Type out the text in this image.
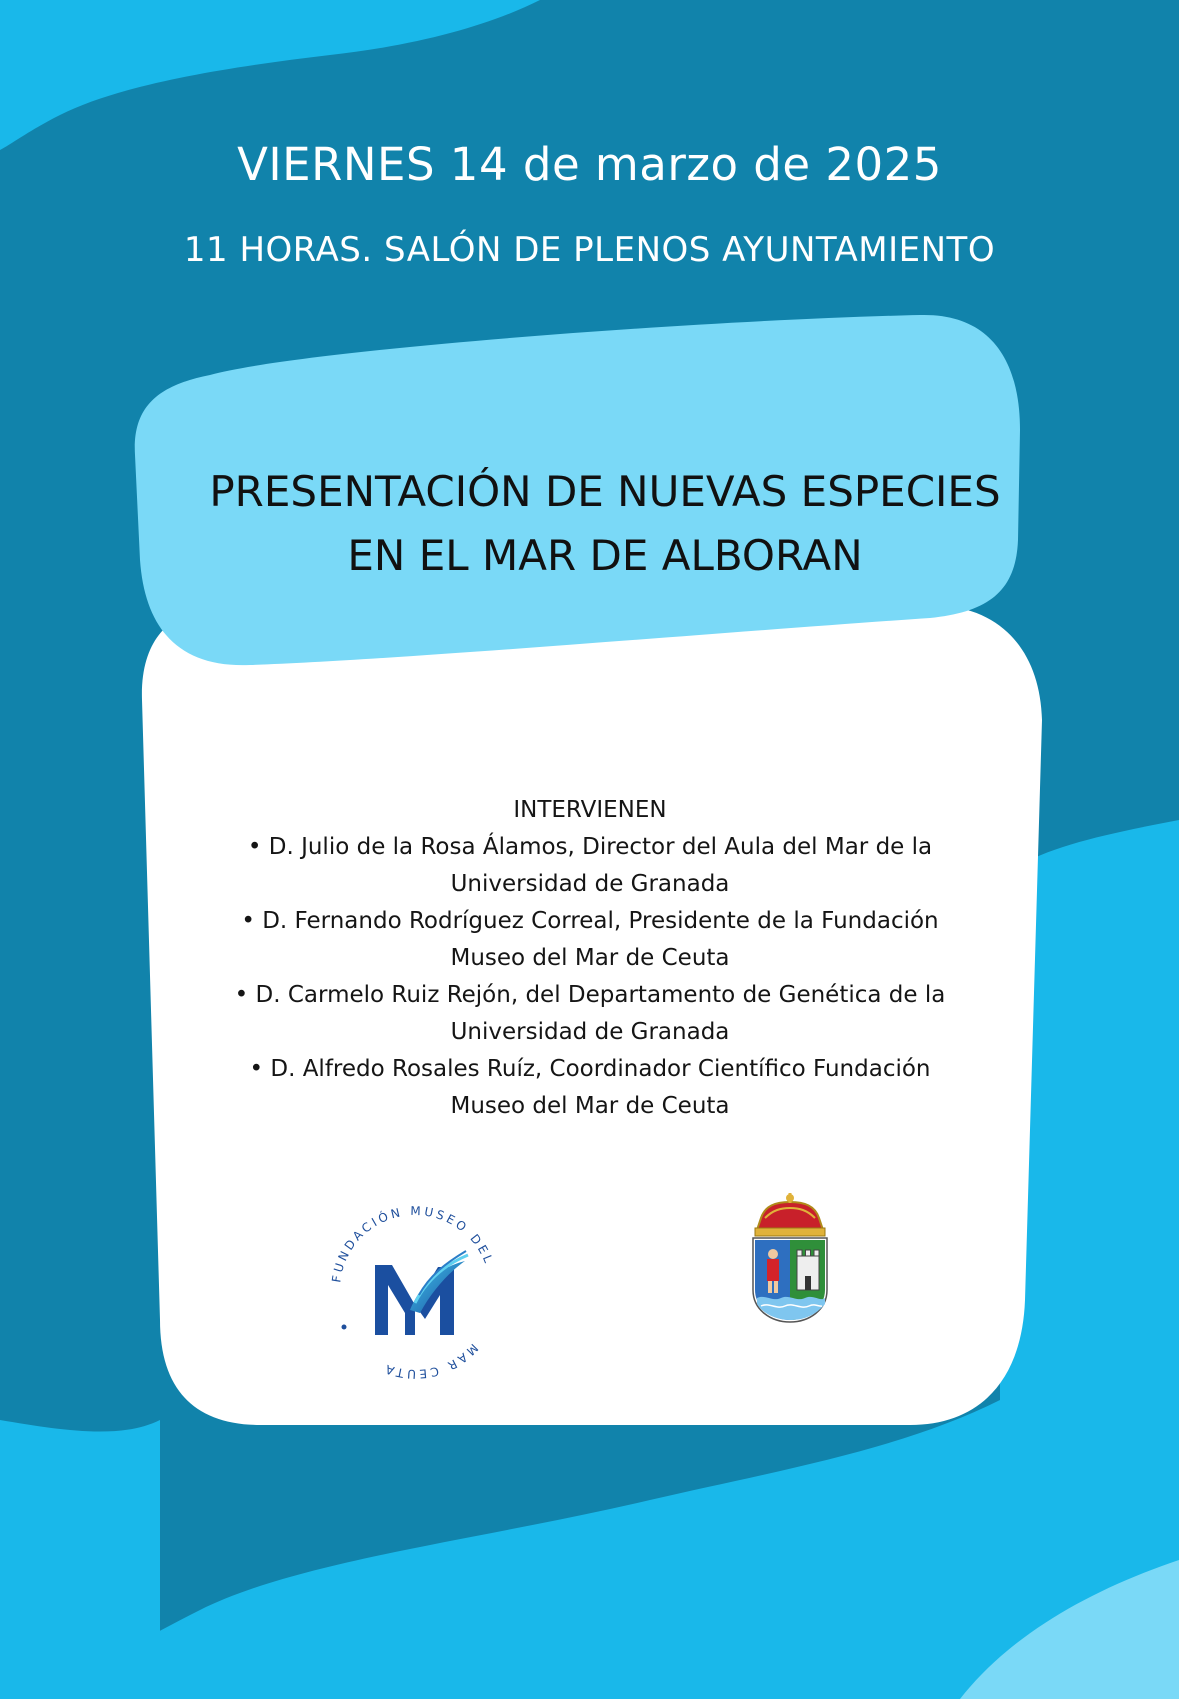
VIERNES 14 de marzo de 2025
11 HORAS. SALÓN DE PLENOS AYUNTAMIENTO
PRESENTACIÓN DE NUEVAS ESPECIES
EN EL MAR DE ALBORAN
INTERVIENEN
• D. Julio de la Rosa Álamos, Director del Aula del Mar de la
Universidad de Granada
• D. Fernando Rodríguez Correal, Presidente de la Fundación
Museo del Mar de Ceuta
• D. Carmelo Ruiz Rejón, del Departamento de Genética de la
Universidad de Granada
• D. Alfredo Rosales Ruíz, Coordinador Científico Fundación
Museo del Mar de Ceuta
FUNDACIÓN MUSEO DEL
MAR CEUTA
